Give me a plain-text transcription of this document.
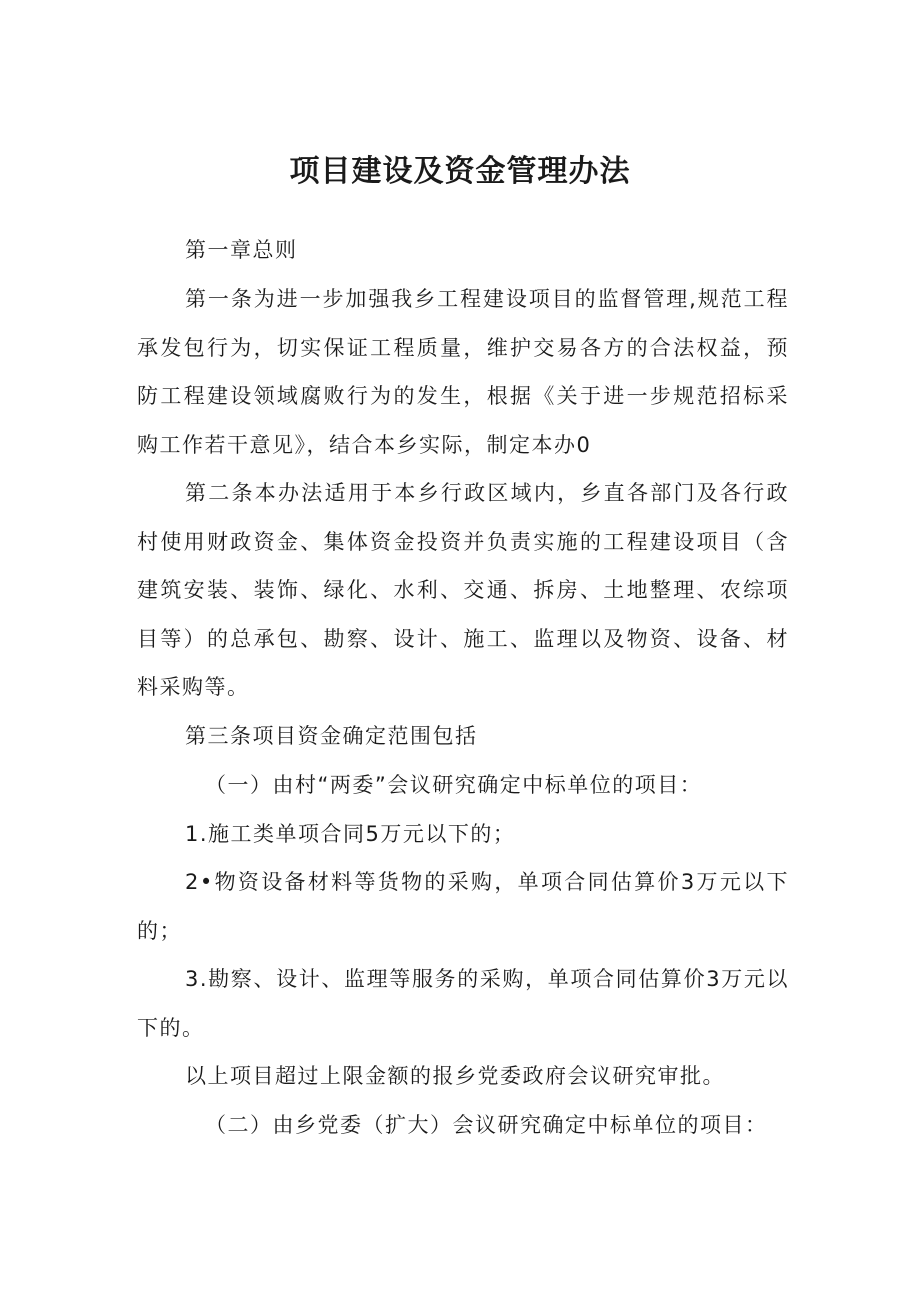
项目建设及资金管理办法

第一章总则

第一条为进一步加强我乡工程建设项目的监督管理,规范工程承发包行为，切实保证工程质量，维护交易各方的合法权益，预防工程建设领域腐败行为的发生，根据《关于进一步规范招标采购工作若干意见》，结合本乡实际，制定本办0

第二条本办法适用于本乡行政区域内，乡直各部门及各行政村使用财政资金、集体资金投资并负责实施的工程建设项目（含建筑安装、装饰、绿化、水利、交通、拆房、土地整理、农综项目等）的总承包、勘察、设计、施工、监理以及物资、设备、材料采购等。

第三条项目资金确定范围包括

（一）由村“两委”会议研究确定中标单位的项目：

1.施工类单项合同5万元以下的；

2•物资设备材料等货物的采购，单项合同估算价3万元以下的；

3.勘察、设计、监理等服务的采购，单项合同估算价3万元以下的。

以上项目超过上限金额的报乡党委政府会议研究审批。

（二）由乡党委（扩大）会议研究确定中标单位的项目：
